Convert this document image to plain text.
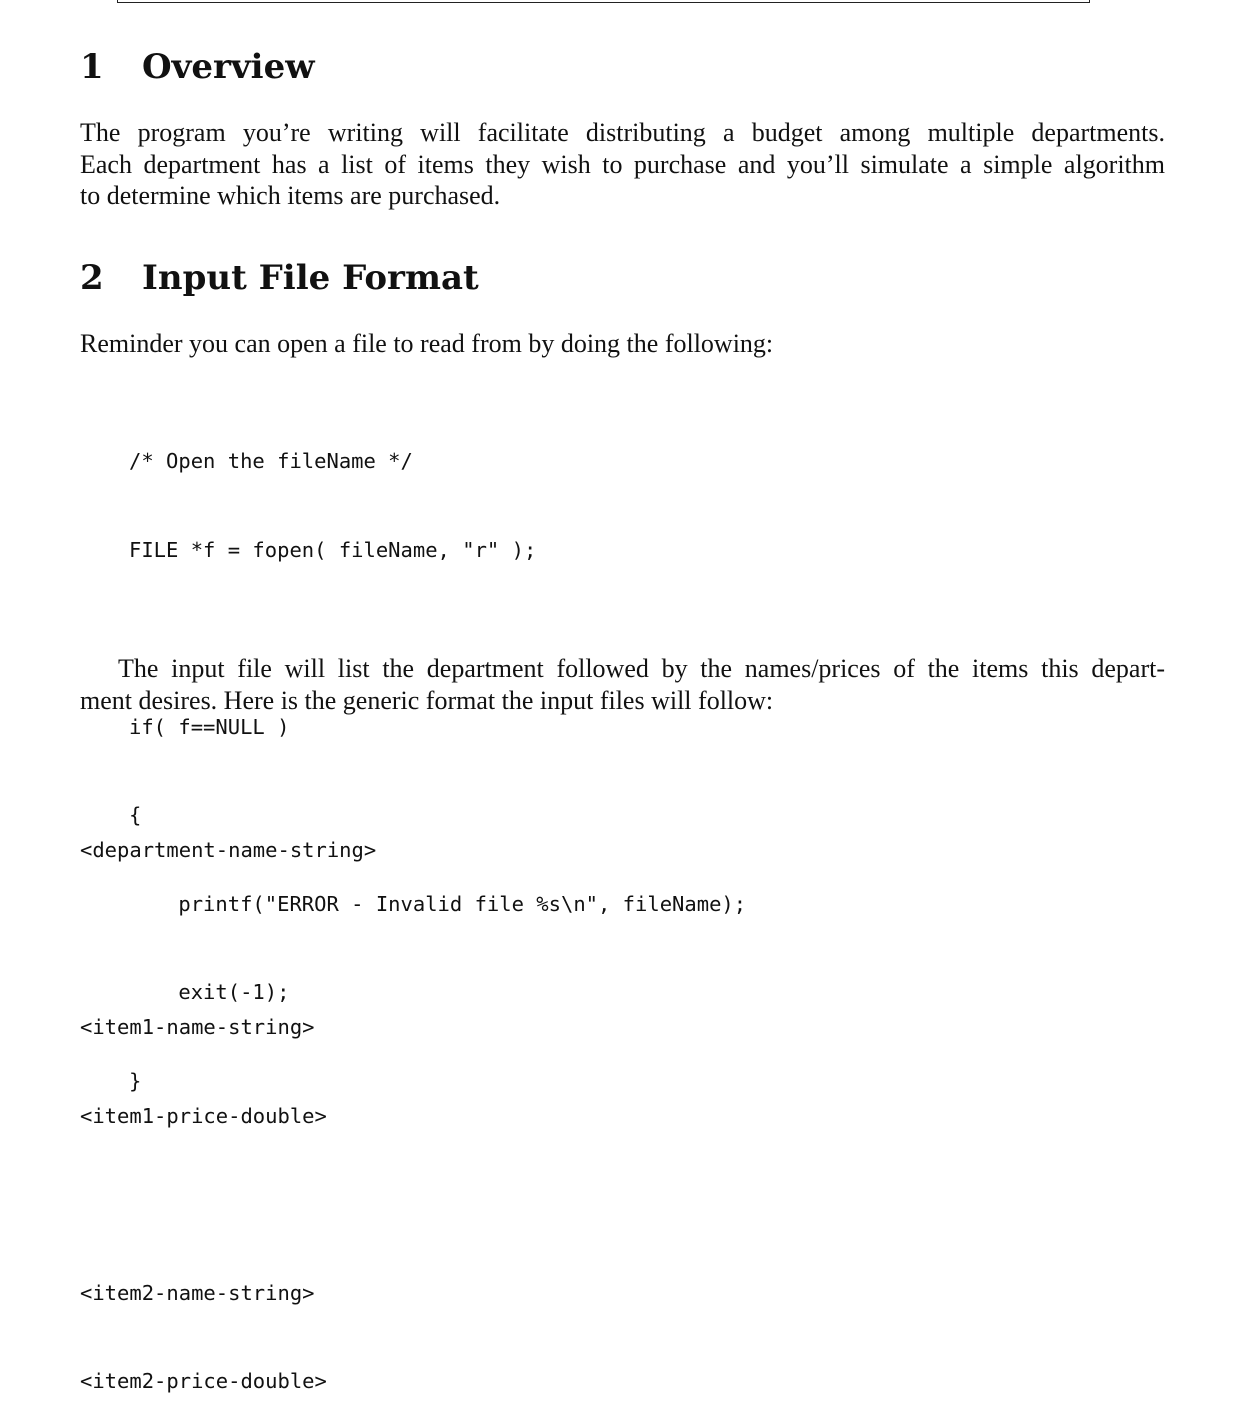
1 Overview
The program you’re writing will facilitate distributing a budget among multiple departments.
Each department has a list of items they wish to purchase and you’ll simulate a simple algorithm
to determine which items are purchased.
2 Input File Format
Reminder you can open a file to read from by doing the following:

/* Open the fileName */

FILE *f = fopen( fileName, "r" );

if( f==NULL )

{

printf("ERROR - Invalid file %s\n", fileName);

exit(-1);

}

The input file will list the department followed by the names/prices of the items this depart-
ment desires. Here is the generic format the input files will follow:

<department-name-string>

<item1-name-string>

<item1-price-double>

<item2-name-string>

<item2-price-double>
